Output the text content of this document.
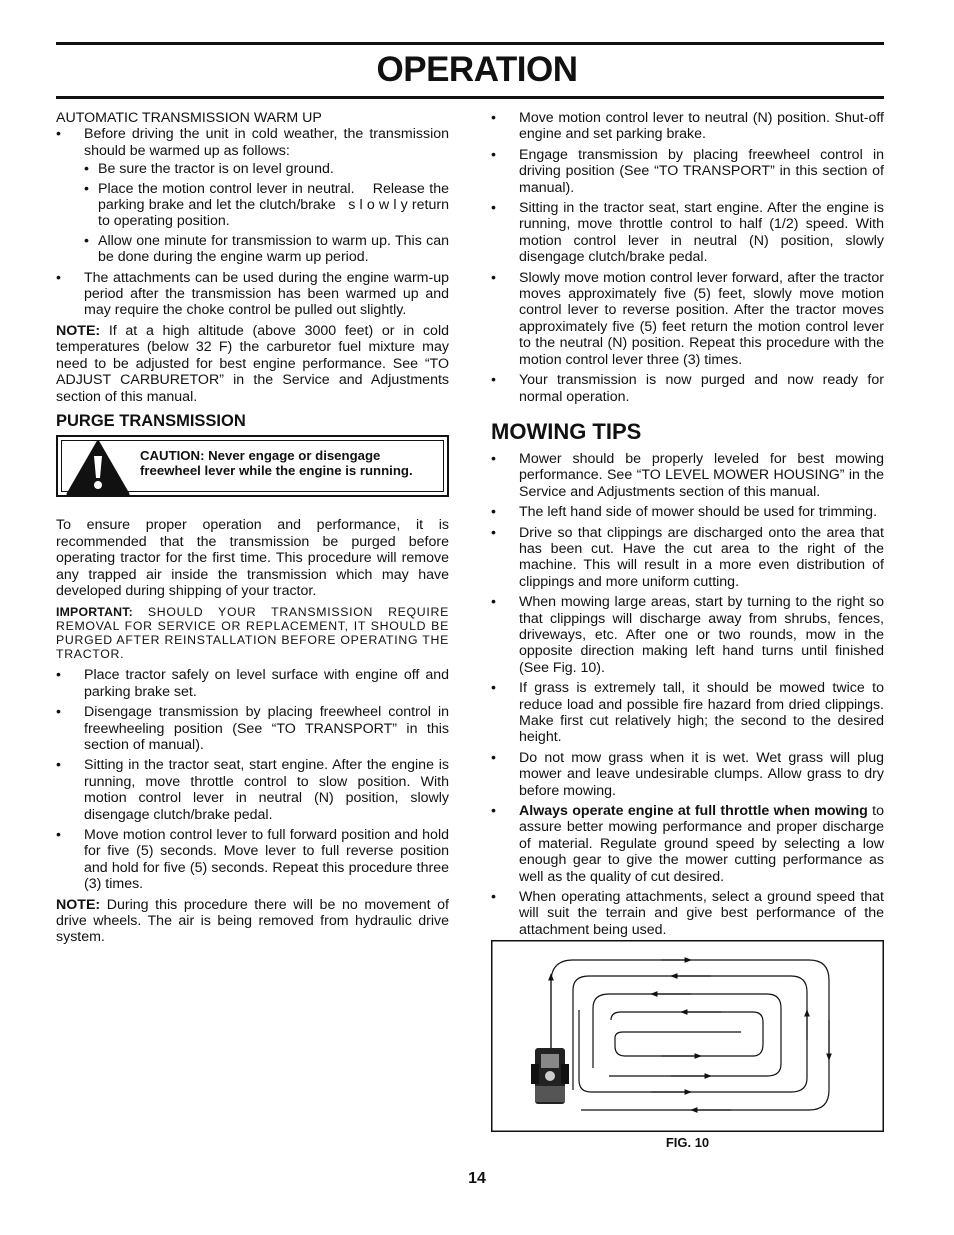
OPERATION

AUTOMATIC TRANSMISSION WARM UP

• Before driving the unit in cold weather, the transmission should be warmed up as follows:
• Be sure the tractor is on level ground.
• Place the motion control lever in neutral.    Release the parking brake and let the clutch/brake   s l o w l y return to operating position.
• Allow one minute for transmission to warm up. This can be done during the engine warm up period.
• The attachments can be used during the engine warm-up period after the transmission has been warmed up and may require the choke control be pulled out slightly.

NOTE: If at a high altitude (above 3000 feet) or in cold temperatures (below 32 F) the carburetor fuel mixture may need to be adjusted for best engine performance. See “TO ADJUST CARBURETOR” in the Service and Adjustments section of this manual.

PURGE TRANSMISSION
CAUTION: Never engage or disengage freewheel lever while the engine is running.

To ensure proper operation and performance, it is recommended that the transmission be purged before operating tractor for the first time. This procedure will remove any trapped air inside the transmission which may have developed during shipping of your tractor.

IMPORTANT: SHOULD YOUR TRANSMISSION REQUIRE REMOVAL FOR SERVICE OR REPLACEMENT, IT SHOULD BE PURGED AFTER REINSTALLATION BEFORE OPERATING THE TRACTOR.

• Place tractor safely on level surface with engine off and parking brake set.
• Disengage transmission by placing freewheel control in freewheeling position (See “TO TRANSPORT” in this section of manual).
• Sitting in the tractor seat, start engine. After the engine is running, move throttle control to slow position. With motion control lever in neutral (N) position, slowly disengage clutch/brake pedal.
• Move motion control lever to full forward position and hold for five (5) seconds. Move lever to full reverse position and hold for five (5) seconds. Repeat this procedure three (3) times.

NOTE: During this procedure there will be no movement of drive wheels. The air is being removed from hydraulic drive system.

• Move motion control lever to neutral (N) position. Shut-off engine and set parking brake.
• Engage transmission by placing freewheel control in driving position (See “TO TRANSPORT” in this section of manual).
• Sitting in the tractor seat, start engine. After the engine is running, move throttle control to half (1/2) speed. With motion control lever in neutral (N) position, slowly disengage clutch/brake pedal.
• Slowly move motion control lever forward, after the tractor moves approximately five (5) feet, slowly move motion control lever to reverse position. After the tractor moves approximately five (5) feet return the motion control lever to the neutral (N) position. Repeat this procedure with the motion control lever three (3) times.
• Your transmission is now purged and now ready for normal operation.
MOWING TIPS
• Mower should be properly leveled for best mowing performance. See “TO LEVEL MOWER HOUSING” in the Service and Adjustments section of this manual.
• The left hand side of mower should be used for trimming.
• Drive so that clippings are discharged onto the area that has been cut. Have the cut area to the right of the machine. This will result in a more even distribution of clippings and more uniform cutting.
• When mowing large areas, start by turning to the right so that clippings will discharge away from shrubs, fences, driveways, etc. After one or two rounds, mow in the opposite direction making left hand turns until finished (See Fig. 10).
• If grass is extremely tall, it should be mowed twice to reduce load and possible fire hazard from dried clippings. Make first cut relatively high; the second to the desired height.
• Do not mow grass when it is wet. Wet grass will plug mower and leave undesirable clumps. Allow grass to dry before mowing.
• Always operate engine at full throttle when mowing to assure better mowing performance and proper discharge of material. Regulate ground speed by selecting a low enough gear to give the mower cutting performance as well as the quality of cut desired.
• When operating attachments, select a ground speed that will suit the terrain and give best performance of the attachment being used.
FIG. 10
14
